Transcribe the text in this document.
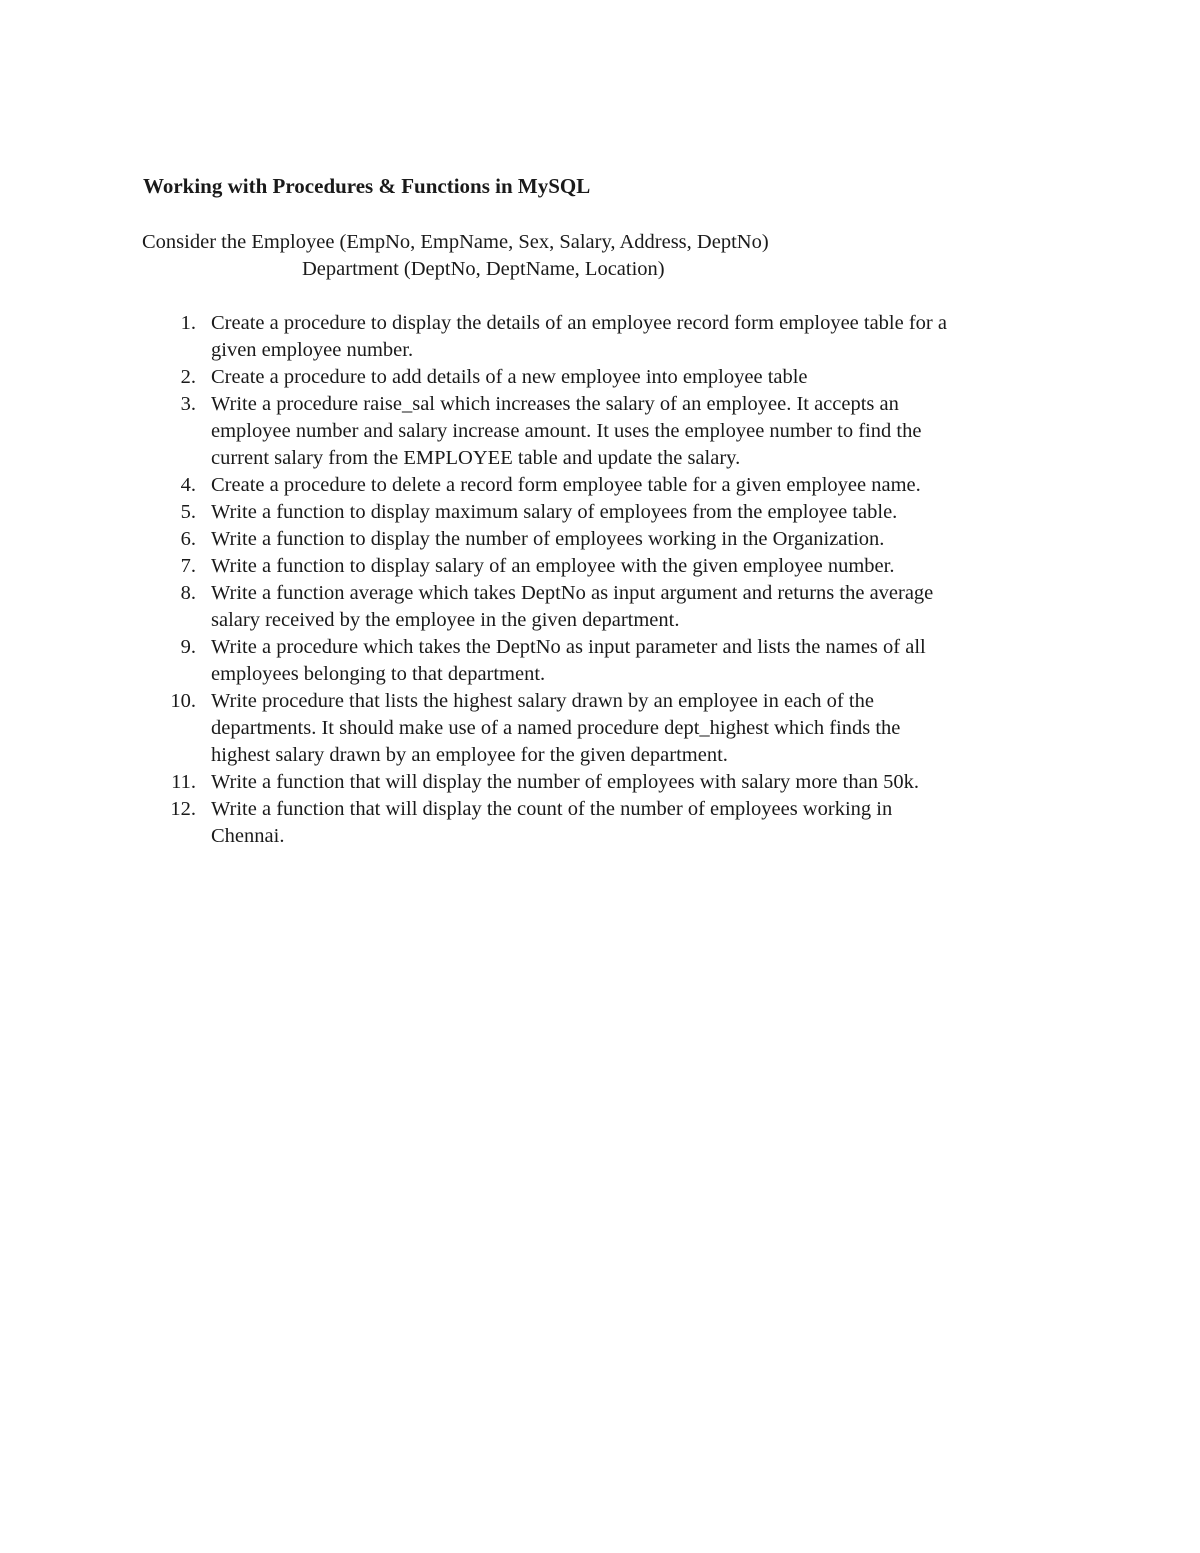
Working with Procedures & Functions in MySQL
Consider the Employee (EmpNo, EmpName, Sex, Salary, Address, DeptNo)
Department (DeptNo, DeptName, Location)
1. Create a procedure to display the details of an employee record form employee table for a
given employee number.
2. Create a procedure to add details of a new employee into employee table
3. Write a procedure raise_sal which increases the salary of an employee. It accepts an
employee number and salary increase amount. It uses the employee number to find the
current salary from the EMPLOYEE table and update the salary.
4. Create a procedure to delete a record form employee table for a given employee name.
5. Write a function to display maximum salary of employees from the employee table.
6. Write a function to display the number of employees working in the Organization.
7. Write a function to display salary of an employee with the given employee number.
8. Write a function average which takes DeptNo as input argument and returns the average
salary received by the employee in the given department.
9. Write a procedure which takes the DeptNo as input parameter and lists the names of all
employees belonging to that department.
10. Write procedure that lists the highest salary drawn by an employee in each of the
departments. It should make use of a named procedure dept_highest which finds the
highest salary drawn by an employee for the given department.
11. Write a function that will display the number of employees with salary more than 50k.
12. Write a function that will display the count of the number of employees working in
Chennai.
